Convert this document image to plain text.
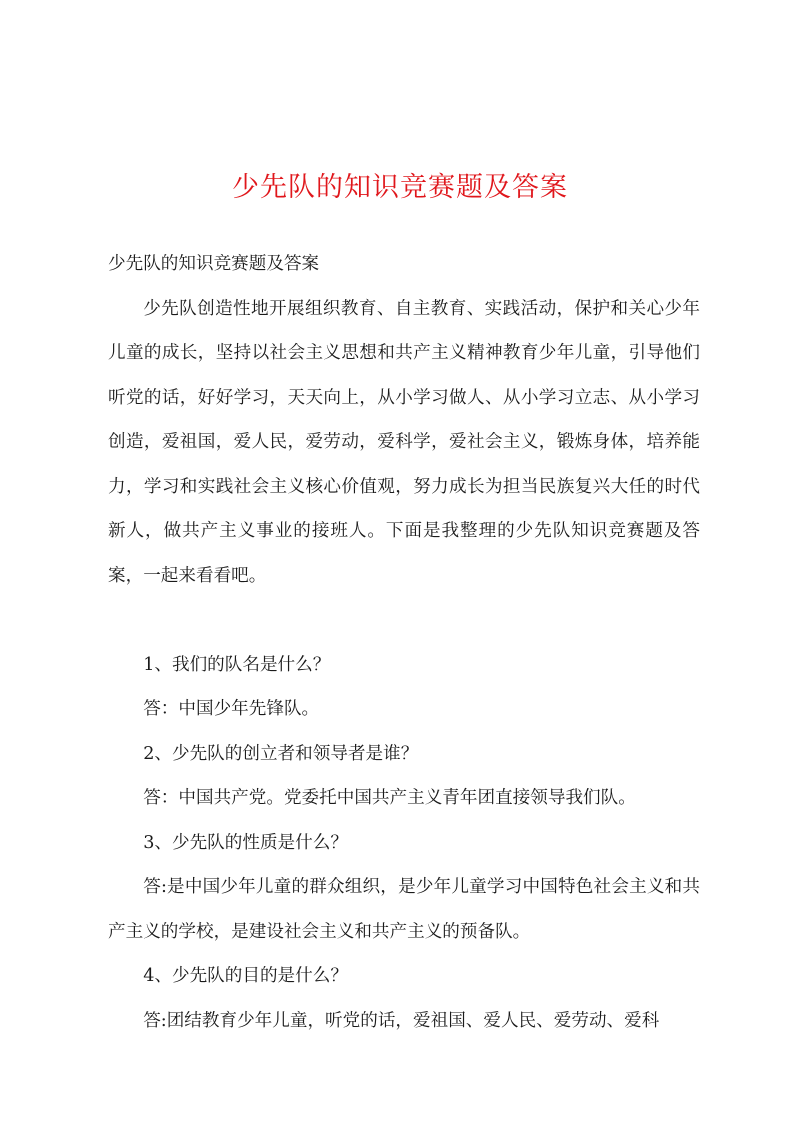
少先队的知识竞赛题及答案

少先队的知识竞赛题及答案

少先队创造性地开展组织教育、自主教育、实践活动，保护和关心少年儿童的成长，坚持以社会主义思想和共产主义精神教育少年儿童，引导他们听党的话，好好学习，天天向上，从小学习做人、从小学习立志、从小学习创造，爱祖国，爱人民，爱劳动，爱科学，爱社会主义，锻炼身体，培养能力，学习和实践社会主义核心价值观，努力成长为担当民族复兴大任的时代新人，做共产主义事业的接班人。下面是我整理的少先队知识竞赛题及答案，一起来看看吧。

1、我们的队名是什么？

答：中国少年先锋队。

2、少先队的创立者和领导者是谁？

答：中国共产党。党委托中国共产主义青年团直接领导我们队。

3、少先队的性质是什么？

答:是中国少年儿童的群众组织，是少年儿童学习中国特色社会主义和共产主义的学校，是建设社会主义和共产主义的预备队。

4、少先队的目的是什么？

答:团结教育少年儿童，听党的话，爱祖国、爱人民、爱劳动、爱科
